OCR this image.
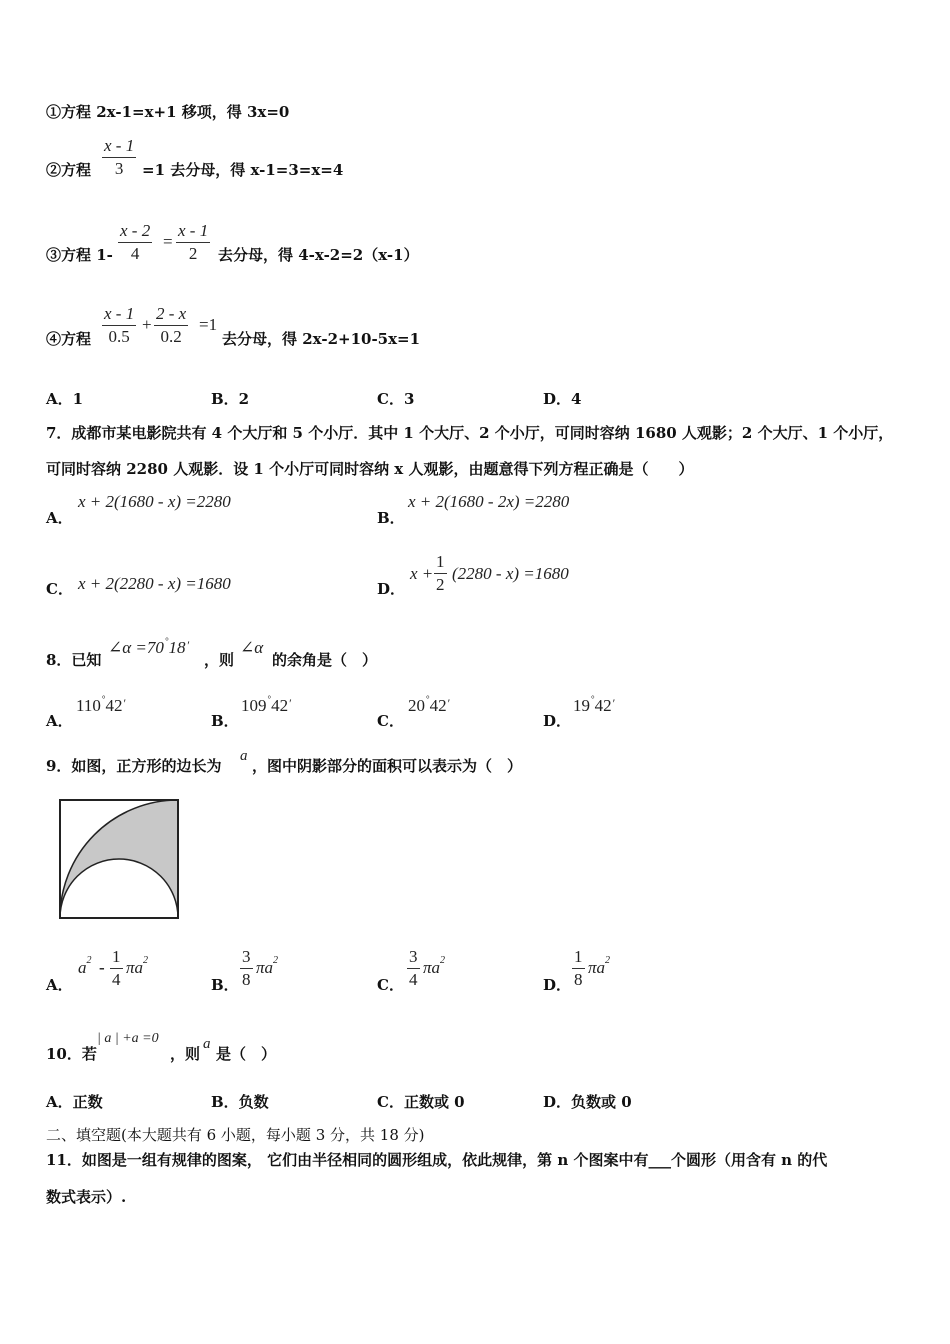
①方程 2x-1=x+1 移项，得 3x=0
②方程 $\frac{x - 1}{3} =1$ 去分母，得 x-1=3=x=4
③方程 $1- \frac{x - 2}{4} = \frac{x - 1}{2}$ 去分母，得 4-x-2=2（x-1）
④方程 $\frac{x - 1}{0.5} + \frac{2 - x}{0.2} =1$
去分母，得 2x-2+10-5x=1
A．1	B．2	C．3	D．4
7．成都市某电影院共有 4 个大厅和 5 个小厅．其中 1 个大厅、2 个小厅，可同时容纳 1680 人观影；2 个大厅、1 个小厅，
可同时容纳 2280 人观影．设 1 个小厅可同时容纳 x 人观影，由题意得下列方程正确是（　　）
A．
x + 2(1680 - x) =2280
B．
x + 2(1680 - 2x) =2280
C． x + 2(2280 - x) =1680	D．
$x + \frac{1}{2} (2280 - x) =1680$
8．已知
∠α =70°18′
，则
∠α
的余角是（　）
A．
110°42′
B．
109°42′
C．
20°42′
D．
19°42′
9．如图，正方形的边长为
a
，图中阴影部分的面积可以表示为（　）
A．
$a^2 - \frac{1}{4} \pi a^2$
B． $\frac{3}{8} \pi a^2$
C． $\frac{3}{4} \pi a^2$
D． $\frac{1}{8} \pi a^2$
10．若
| a | +a =0
，则
a
是（　）
A．正数	B．负数	C．正数或 0	D．负数或 0
二、填空题(本大题共有 6 小题，每小题 3 分，共 18 分)
11．如图是一组有规律的图案， 它们由半径相同的圆形组成，依此规律，第 n 个图案中有___个圆形（用含有 n 的代
数式表示）.
